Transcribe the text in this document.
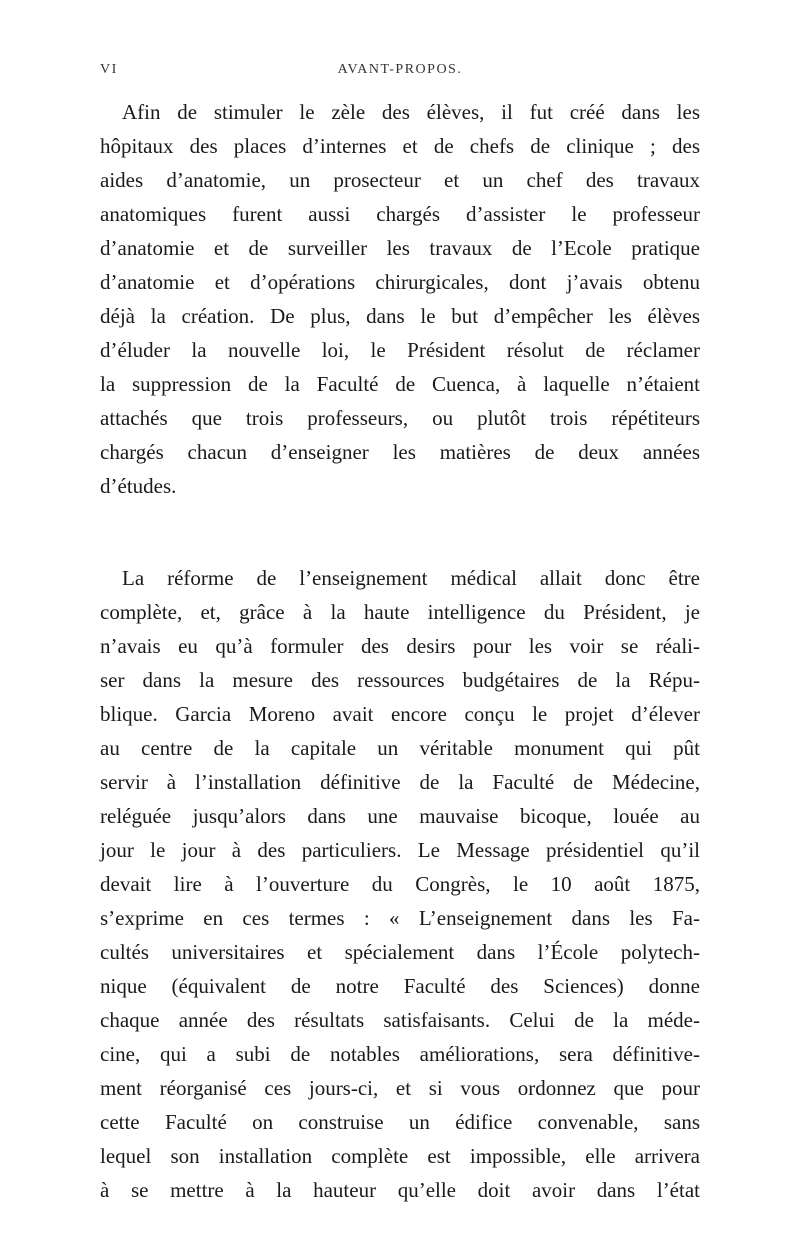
VI	AVANT-PROPOS.
Afin de stimuler le zèle des élèves, il fut créé dans les
hôpitaux des places d’internes et de chefs de clinique ; des
aides d’anatomie, un prosecteur et un chef des travaux
anatomiques furent aussi chargés d’assister le professeur
d’anatomie et de surveiller les travaux de l’Ecole pratique
d’anatomie et d’opérations chirurgicales, dont j’avais obtenu
déjà la création. De plus, dans le but d’empêcher les élèves
d’éluder la nouvelle loi, le Président résolut de réclamer
la suppression de la Faculté de Cuenca, à laquelle n’étaient
attachés que trois professeurs, ou plutôt trois répétiteurs
chargés chacun d’enseigner les matières de deux années
d’études.
La réforme de l’enseignement médical allait donc être
complète, et, grâce à la haute intelligence du Président, je
n’avais eu qu’à formuler des desirs pour les voir se réali-
ser dans la mesure des ressources budgétaires de la Répu-
blique. Garcia Moreno avait encore conçu le projet d’élever
au centre de la capitale un véritable monument qui pût
servir à l’installation définitive de la Faculté de Médecine,
reléguée jusqu’alors dans une mauvaise bicoque, louée au
jour le jour à des particuliers. Le Message présidentiel qu’il
devait lire à l’ouverture du Congrès, le 10 août 1875,
s’exprime en ces termes : « L’enseignement dans les Fa-
cultés universitaires et spécialement dans l’École polytech-
nique (équivalent de notre Faculté des Sciences) donne
chaque année des résultats satisfaisants. Celui de la méde-
cine, qui a subi de notables améliorations, sera définitive-
ment réorganisé ces jours-ci, et si vous ordonnez que pour
cette Faculté on construise un édifice convenable, sans
lequel son installation complète est impossible, elle arrivera
à se mettre à la hauteur qu’elle doit avoir dans l’état
